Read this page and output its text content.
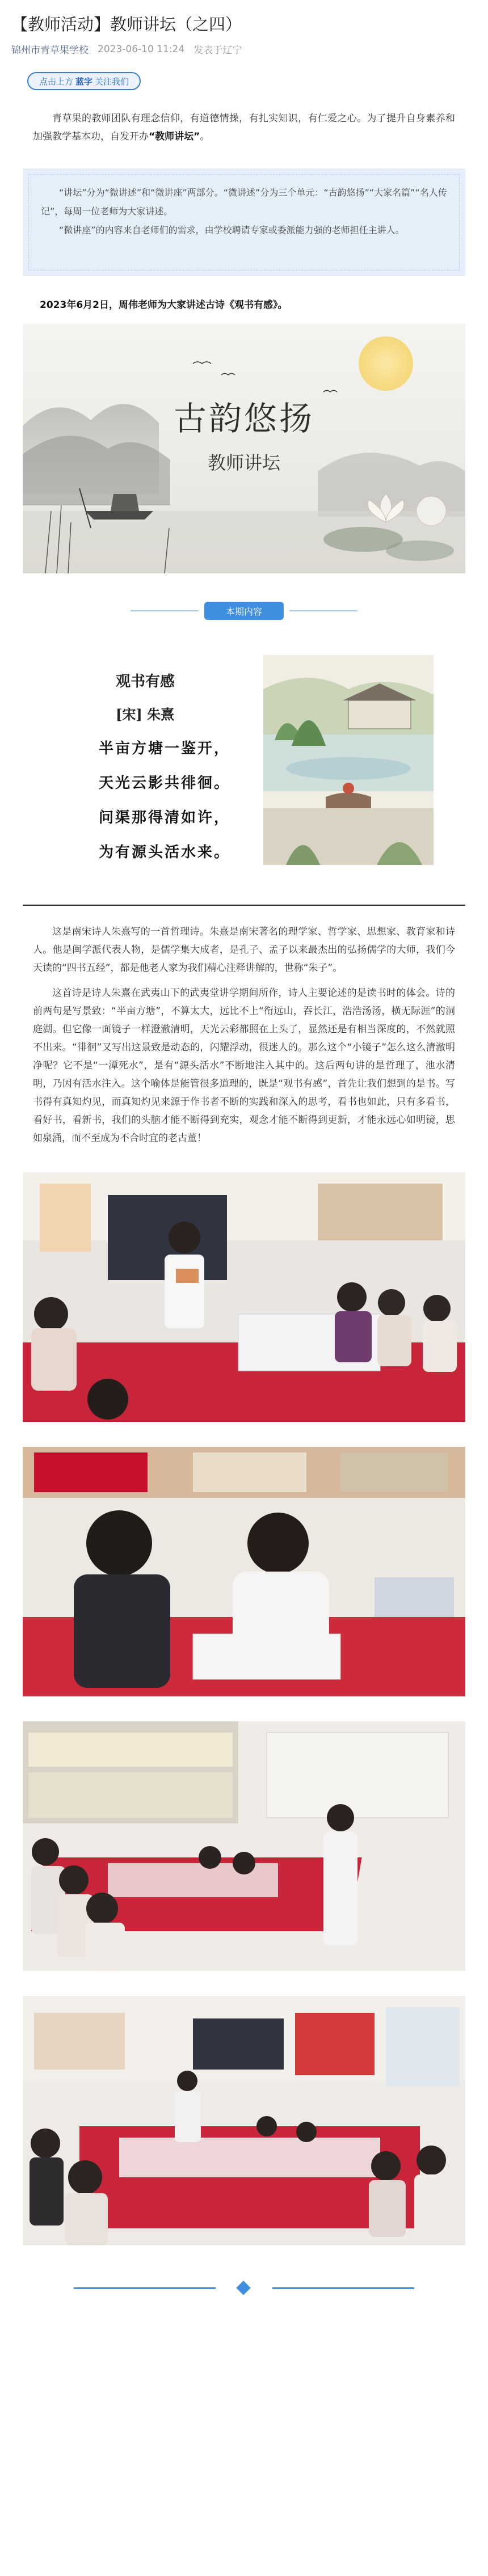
【教师活动】教师讲坛（之四）
锦州市青草果学校 2023-06-10 11:24 发表于辽宁
点击上方 蓝字 关注我们

青草果的教师团队有理念信仰，有道德情操，有扎实知识，有仁爱之心。为了提升自身素养和加强教学基本功，自发开办“教师讲坛”。

“讲坛”分为“微讲述”和“微讲座”两部分。“微讲述”分为三个单元：“古韵悠扬”“大家名篇”“名人传记”，每周一位老师为大家讲述。

“微讲座”的内容来自老师们的需求，由学校聘请专家或委派能力强的老师担任主讲人。

2023年6月2日，周伟老师为大家讲述古诗《观书有感》。

古韵悠扬
教师讲坛
本期内容
观书有感
[宋] 朱熹
半亩方塘一鉴开，
天光云影共徘徊。
问渠那得清如许，
为有源头活水来。

这是南宋诗人朱熹写的一首哲理诗。朱熹是南宋著名的理学家、哲学家、思想家、教育家和诗人。他是闽学派代表人物，是儒学集大成者，是孔子、孟子以来最杰出的弘扬儒学的大师，我们今天读的“四书五经”，都是他老人家为我们精心注释讲解的，世称“朱子”。

这首诗是诗人朱熹在武夷山下的武夷堂讲学期间所作，诗人主要论述的是读书时的体会。诗的前两句是写景致：“半亩方塘”，不算太大，远比不上“衔远山，吞长江，浩浩汤汤，横无际涯”的洞庭湖。但它像一面镜子一样澄澈清明，天光云彩都照在上头了，显然还是有相当深度的，不然就照不出来。“徘徊”又写出这景致是动态的，闪耀浮动，很迷人的。那么这个“小镜子”怎么这么清澈明净呢？它不是“一潭死水”，是有“源头活水”不断地注入其中的。这后两句讲的是哲理了，池水清明，乃因有活水注入。这个喻体是能管很多道理的，既是“观书有感”，首先让我们想到的是书。写书得有真知灼见，而真知灼见来源于作书者不断的实践和深入的思考，看书也如此，只有多看书，看好书，看新书，我们的头脑才能不断得到充实，观念才能不断得到更新，才能永远心如明镜，思如泉涌，而不至成为不合时宜的老古董！
